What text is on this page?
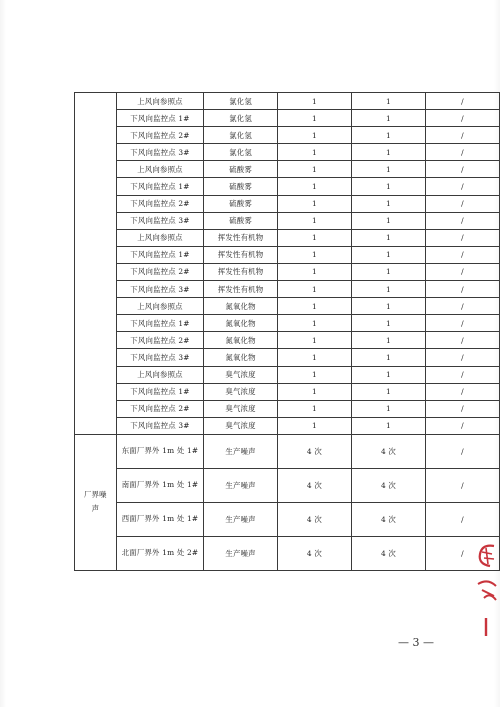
	上风向参照点	氯化氢	1	1	/
	下风向监控点 1#	氯化氢	1	1	/
	下风向监控点 2#	氯化氢	1	1	/
	下风向监控点 3#	氯化氢	1	1	/
	上风向参照点	硫酸雾	1	1	/
	下风向监控点 1#	硫酸雾	1	1	/
	下风向监控点 2#	硫酸雾	1	1	/
	下风向监控点 3#	硫酸雾	1	1	/
	上风向参照点	挥发性有机物	1	1	/
	下风向监控点 1#	挥发性有机物	1	1	/
	下风向监控点 2#	挥发性有机物	1	1	/
	下风向监控点 3#	挥发性有机物	1	1	/
	上风向参照点	氮氧化物	1	1	/
	下风向监控点 1#	氮氧化物	1	1	/
	下风向监控点 2#	氮氧化物	1	1	/
	下风向监控点 3#	氮氧化物	1	1	/
	上风向参照点	臭气浓度	1	1	/
	下风向监控点 1#	臭气浓度	1	1	/
	下风向监控点 2#	臭气浓度	1	1	/
	下风向监控点 3#	臭气浓度	1	1	/
厂界噪声	东面厂界外 1m 处 1#	生产噪声	4 次	4 次	/
	南面厂界外 1m 处 1#	生产噪声	4 次	4 次	/
	西面厂界外 1m 处 1#	生产噪声	4 次	4 次	/
	北面厂界外 1m 处 2#	生产噪声	4 次	4 次	/
— 3 —
